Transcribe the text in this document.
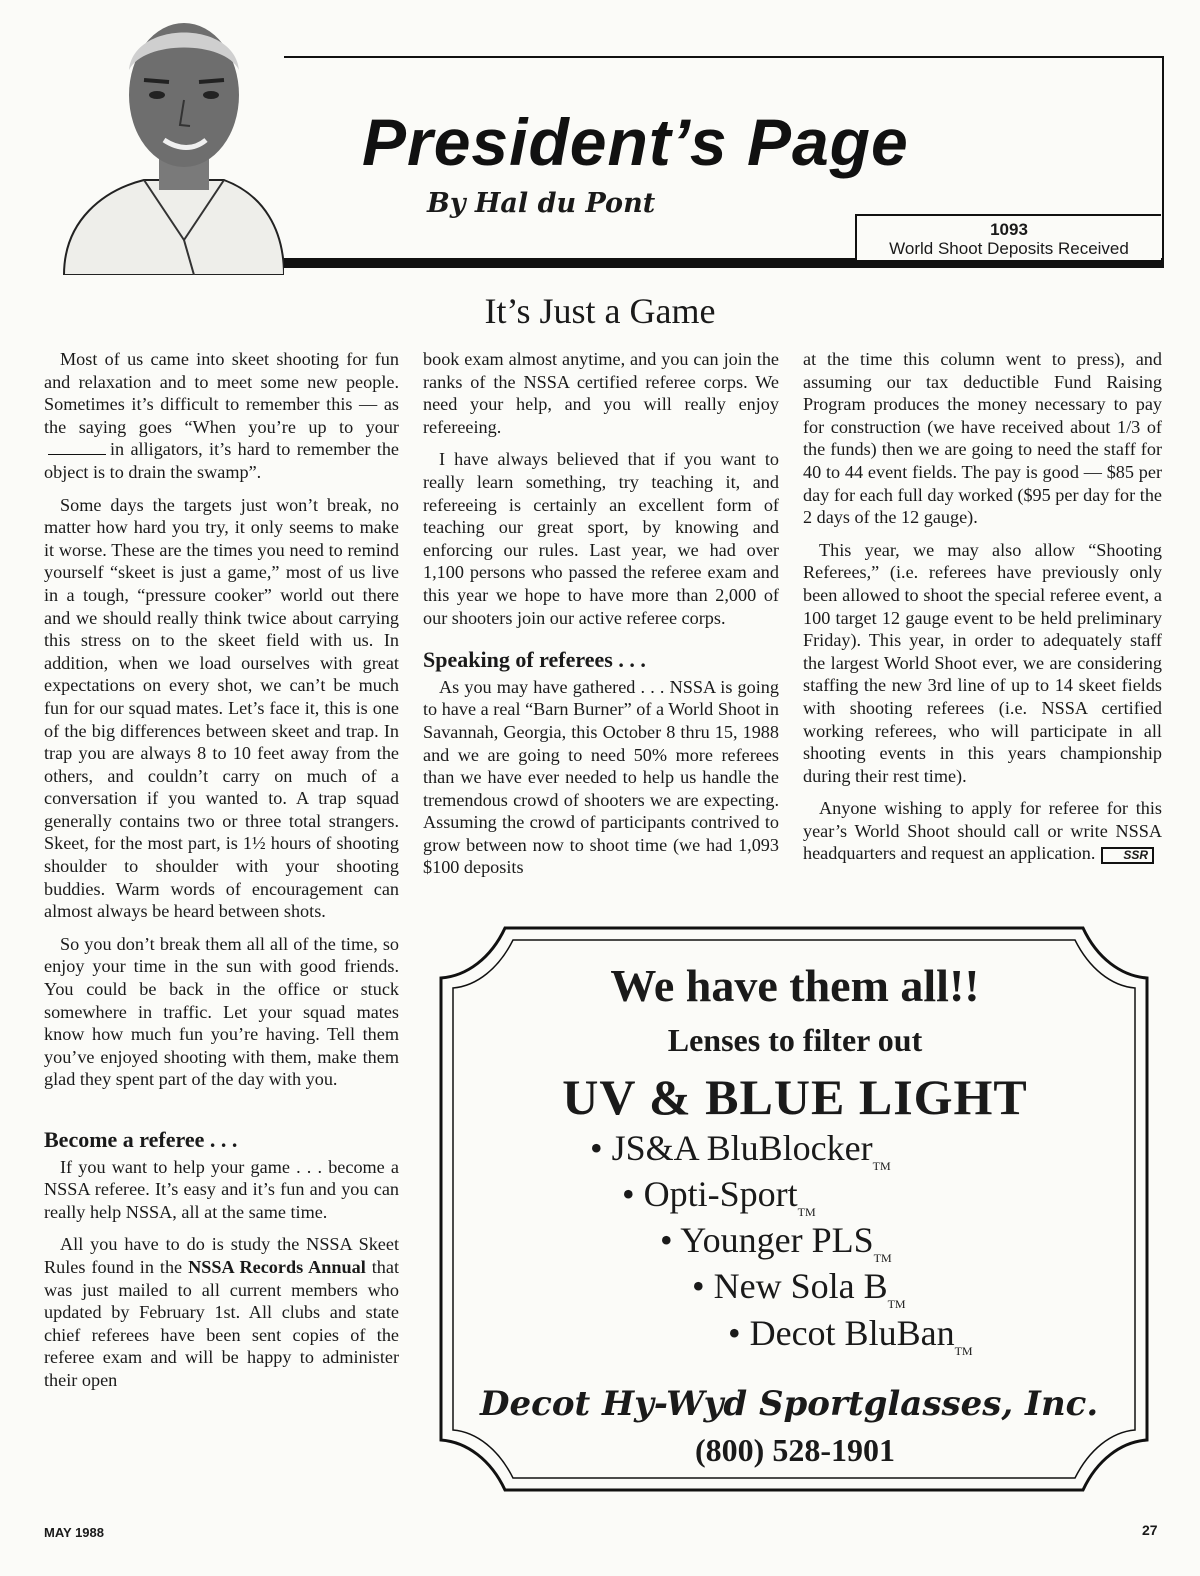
President’s Page
By Hal du Pont
1093
World Shoot Deposits Received
It’s Just a Game

Most of us came into skeet shooting for fun and relaxation and to meet some new people. Sometimes it’s difficult to remember this — as the saying goes “When you’re up to yourin alligators, it’s hard to remember the object is to drain the swamp”.

Some days the targets just won’t break, no matter how hard you try, it only seems to make it worse. These are the times you need to remind yourself “skeet is just a game,” most of us live in a tough, “pressure cooker” world out there and we should really think twice about carrying this stress on to the skeet field with us. In addition, when we load ourselves with great expectations on every shot, we can’t be much fun for our squad mates. Let’s face it, this is one of the big differences between skeet and trap. In trap you are always 8 to 10 feet away from the others, and couldn’t carry on much of a conversation if you wanted to. A trap squad generally contains two or three total strangers. Skeet, for the most part, is 1½ hours of shooting shoulder to shoulder with your shooting buddies. Warm words of encouragement can almost always be heard between shots.

So you don’t break them all all of the time, so enjoy your time in the sun with good friends. You could be back in the office or stuck somewhere in traffic. Let your squad mates know how much fun you’re having. Tell them you’ve enjoyed shooting with them, make them glad they spent part of the day with you.

Become a referee . . .

If you want to help your game . . . become a NSSA referee. It’s easy and it’s fun and you can really help NSSA, all at the same time.

All you have to do is study the NSSA Skeet Rules found in the NSSA Records Annual that was just mailed to all current members who updated by February 1st. All clubs and state chief referees have been sent copies of the referee exam and will be happy to administer their open

book exam almost anytime, and you can join the ranks of the NSSA certified referee corps. We need your help, and you will really enjoy refereeing.

I have always believed that if you want to really learn something, try teaching it, and refereeing is certainly an excellent form of teaching our great sport, by knowing and enforcing our rules. Last year, we had over 1,100 persons who passed the referee exam and this year we hope to have more than 2,000 of our shooters join our active referee corps.

Speaking of referees . . .

As you may have gathered . . . NSSA is going to have a real “Barn Burner” of a World Shoot in Savannah, Georgia, this October 8 thru 15, 1988 and we are going to need 50% more referees than we have ever needed to help us handle the tremendous crowd of shooters we are expecting. Assuming the crowd of participants contrived to grow between now to shoot time (we had 1,093 $100 deposits

at the time this column went to press), and assuming our tax deductible Fund Raising Program produces the money necessary to pay for construction (we have received about 1/3 of the funds) then we are going to need the staff for 40 to 44 event fields. The pay is good — $85 per day for each full day worked ($95 per day for the 2 days of the 12 gauge).

This year, we may also allow “Shooting Referees,” (i.e. referees have previously only been allowed to shoot the special referee event, a 100 target 12 gauge event to be held preliminary Friday). This year, in order to adequately staff the largest World Shoot ever, we are considering staffing the new 3rd line of up to 14 skeet fields with shooting referees (i.e. NSSA certified working referees, who will participate in all shooting events in this years championship during their rest time).

Anyone wishing to apply for referee for this year’s World Shoot should call or write NSSA headquarters and request an application. SSR

We have them all!!
Lenses to filter out
UV & BLUE LIGHT
• JS&A BluBlocker$_{TM}$
• Opti-Sport$_{TM}$
• Younger $PLS_{TM}$
• New Sola $B_{TM}$
• Decot BluBan$_{TM}$
Decot Hy-Wyd Sportglasses, Inc.
(800) 528-1901
MAY 1988	27
